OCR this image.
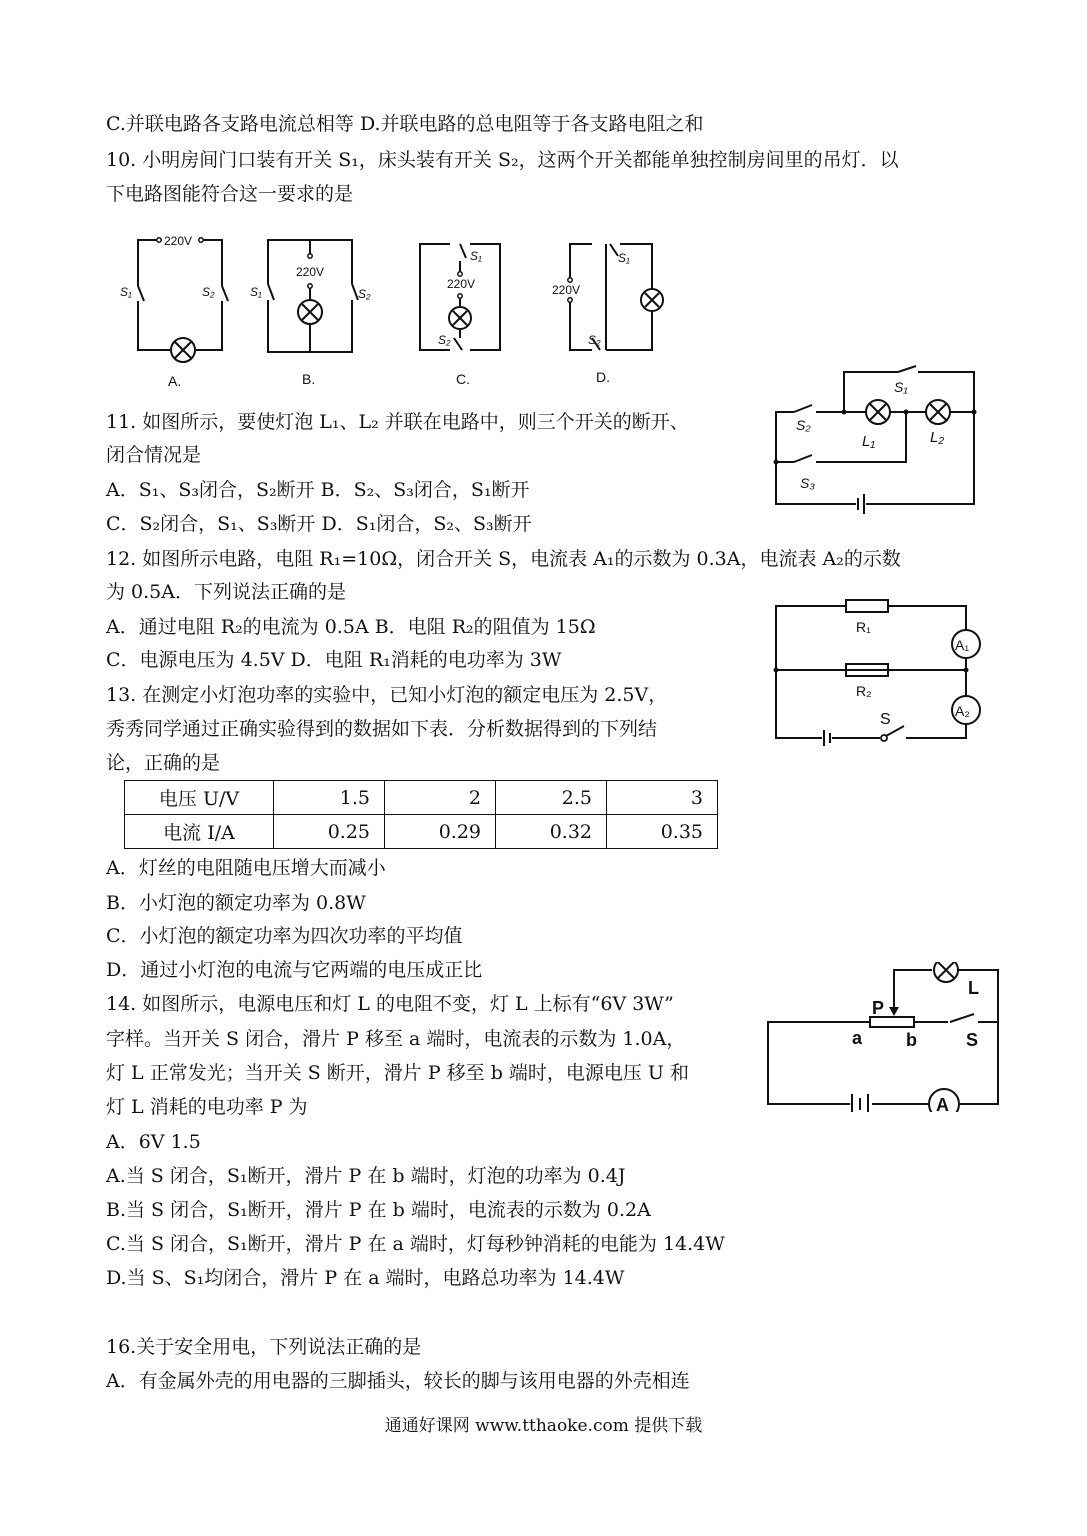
C.并联电路各支路电流总相等 D.并联电路的总电阻等于各支路电阻之和
10. 小明房间门口装有开关 S₁，床头装有开关 S₂，这两个开关都能单独控制房间里的吊灯．以
下电路图能符合这一要求的是
220V
S₁	S₂
A.
220V
S₁	S₂
B.
220V
S₁
S₂
C.
220V
S₁
S₂
D.
11. 如图所示，要使灯泡 L₁、L₂ 并联在电路中，则三个开关的断开、
闭合情况是
A．S₁、S₃闭合，S₂断开 B．S₂、S₃闭合，S₁断开
C．S₂闭合，S₁、S₃断开 D．S₁闭合，S₂、S₃断开
S₁
S₂
S₃
L₁	L₂
12. 如图所示电路，电阻 R₁=10Ω，闭合开关 S，电流表 A₁的示数为 0.3A，电流表 A₂的示数
为 0.5A．下列说法正确的是
A．通过电阻 R₂的电流为 0.5A B．电阻 R₂的阻值为 15Ω
C．电源电压为 4.5V D．电阻 R₁消耗的电功率为 3W
R₁
R₂
A₁
A₂
S
13. 在测定小灯泡功率的实验中，已知小灯泡的额定电压为 2.5V，
秀秀同学通过正确实验得到的数据如下表．分析数据得到的下列结
论，正确的是
电压 U/V	1.5	2	2.5	3
电流 I/A	0.25	0.29	0.32	0.35
A．灯丝的电阻随电压增大而减小
B．小灯泡的额定功率为 0.8W
C．小灯泡的额定功率为四次功率的平均值
D．通过小灯泡的电流与它两端的电压成正比
14. 如图所示，电源电压和灯 L 的电阻不变，灯 L 上标有“6V 3W”
字样。当开关 S 闭合，滑片 P 移至 a 端时，电流表的示数为 1.0A，
灯 L 正常发光；当开关 S 断开，滑片 P 移至 b 端时，电源电压 U 和
灯 L 消耗的电功率 P 为
P
a b	S
L
A
A．6V 1.5
A.当 S 闭合，S₁断开，滑片 P 在 b 端时，灯泡的功率为 0.4J
B.当 S 闭合，S₁断开，滑片 P 在 b 端时，电流表的示数为 0.2A
C.当 S 闭合，S₁断开，滑片 P 在 a 端时，灯每秒钟消耗的电能为 14.4W
D.当 S、S₁均闭合，滑片 P 在 a 端时，电路总功率为 14.4W
16.关于安全用电，下列说法正确的是
A．有金属外壳的用电器的三脚插头，较长的脚与该用电器的外壳相连
通通好课网 www.tthaoke.com 提供下载
